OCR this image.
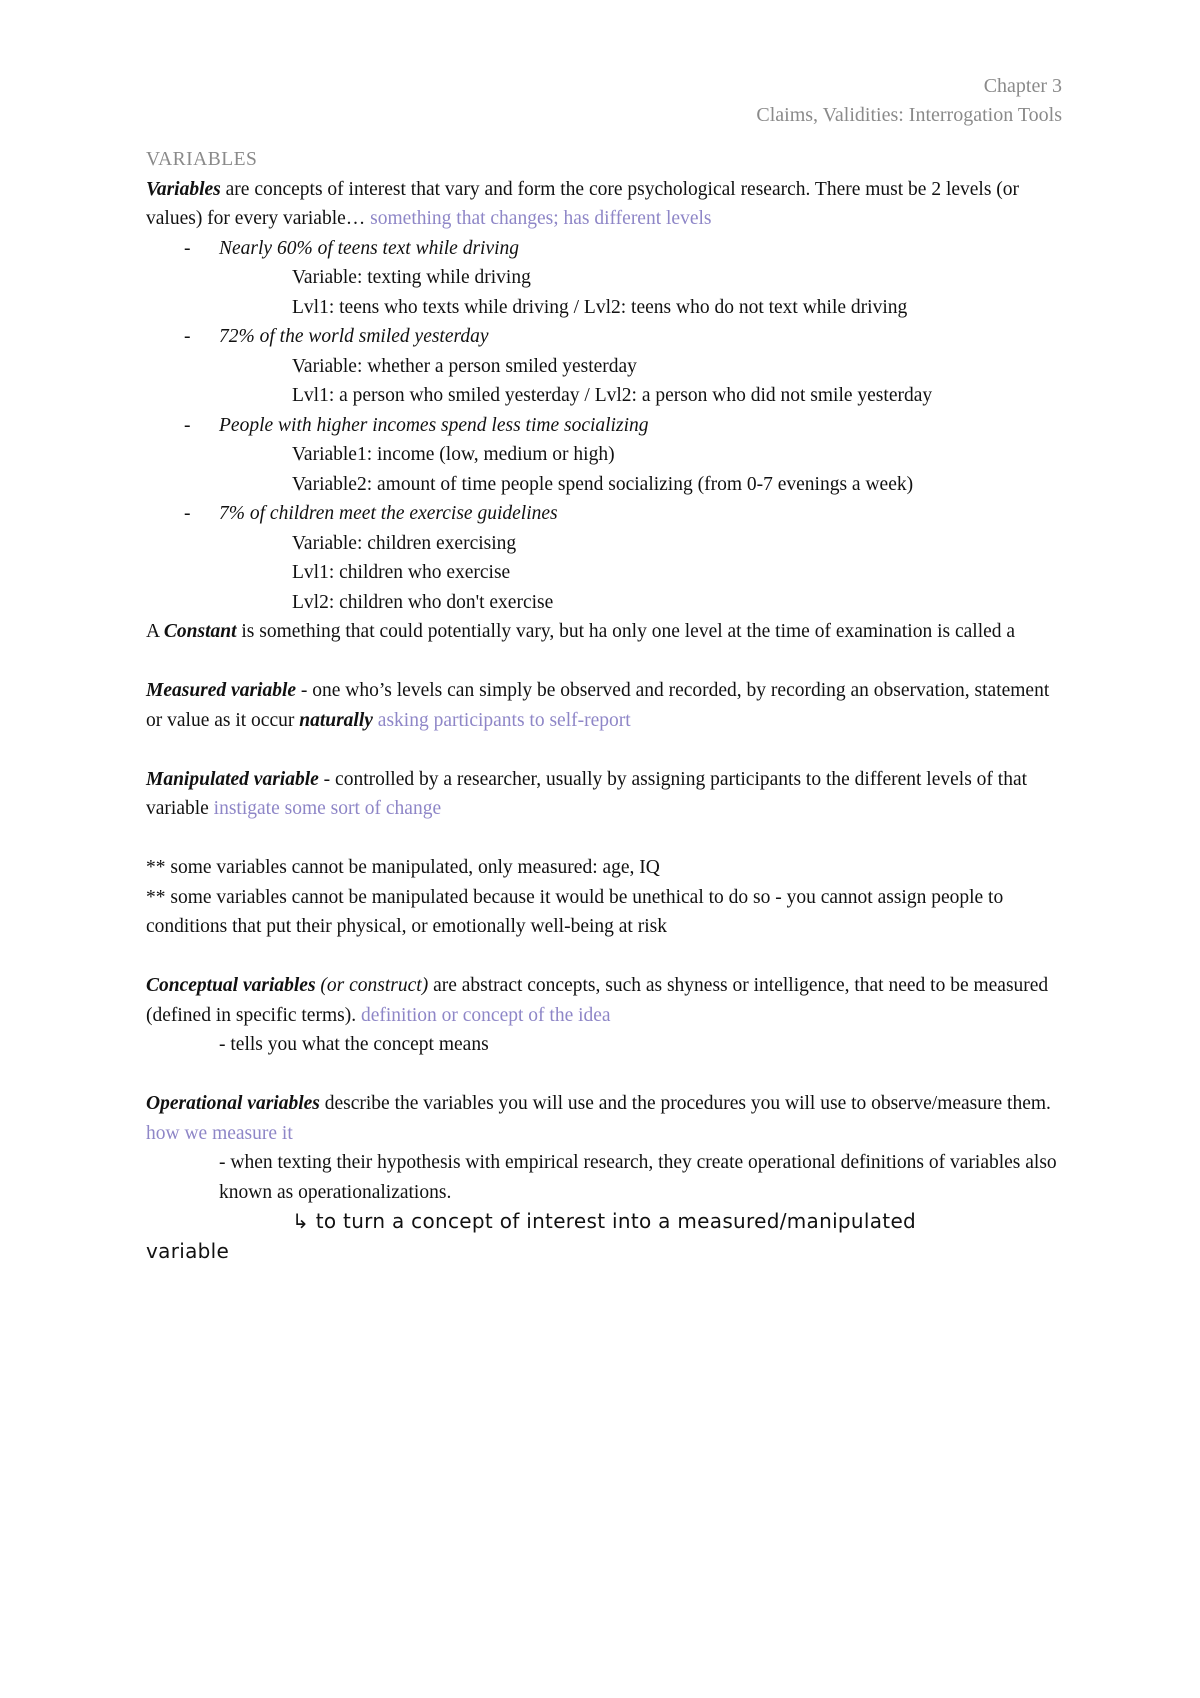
Chapter 3
Claims, Validities: Interrogation Tools

VARIABLES

Variables are concepts of interest that vary and form the core psychological research. There must be 2 levels (or values) for every variable… something that changes; has different levels

- Nearly 60% of teens text while driving
Variable: texting while driving
Lvl1: teens who texts while driving / Lvl2: teens who do not text while driving
- 72% of the world smiled yesterday
Variable: whether a person smiled yesterday
Lvl1: a person who smiled yesterday / Lvl2: a person who did not smile yesterday
- People with higher incomes spend less time socializing
Variable1: income (low, medium or high)
Variable2: amount of time people spend socializing (from 0-7 evenings a week)
- 7% of children meet the exercise guidelines
Variable: children exercising
Lvl1: children who exercise
Lvl2: children who don't exercise

A Constant is something that could potentially vary, but ha only one level at the time of examination is called a

Measured variable - one who’s levels can simply be observed and recorded, by recording an observation, statement or value as it occur naturally asking participants to self-report

Manipulated variable - controlled by a researcher, usually by assigning participants to the different levels of that variable instigate some sort of change

** some variables cannot be manipulated, only measured: age, IQ

** some variables cannot be manipulated because it would be unethical to do so - you cannot assign people to conditions that put their physical, or emotionally well-being at risk

Conceptual variables (or construct) are abstract concepts, such as shyness or intelligence, that need to be measured (defined in specific terms). definition or concept of the idea

- tells you what the concept means

Operational variables describe the variables you will use and the procedures you will use to observe/measure them. how we measure it

- when texting their hypothesis with empirical research, they create operational definitions of variables also known as operationalizations.

↳ to turn a concept of interest into a measured/manipulated

variable
